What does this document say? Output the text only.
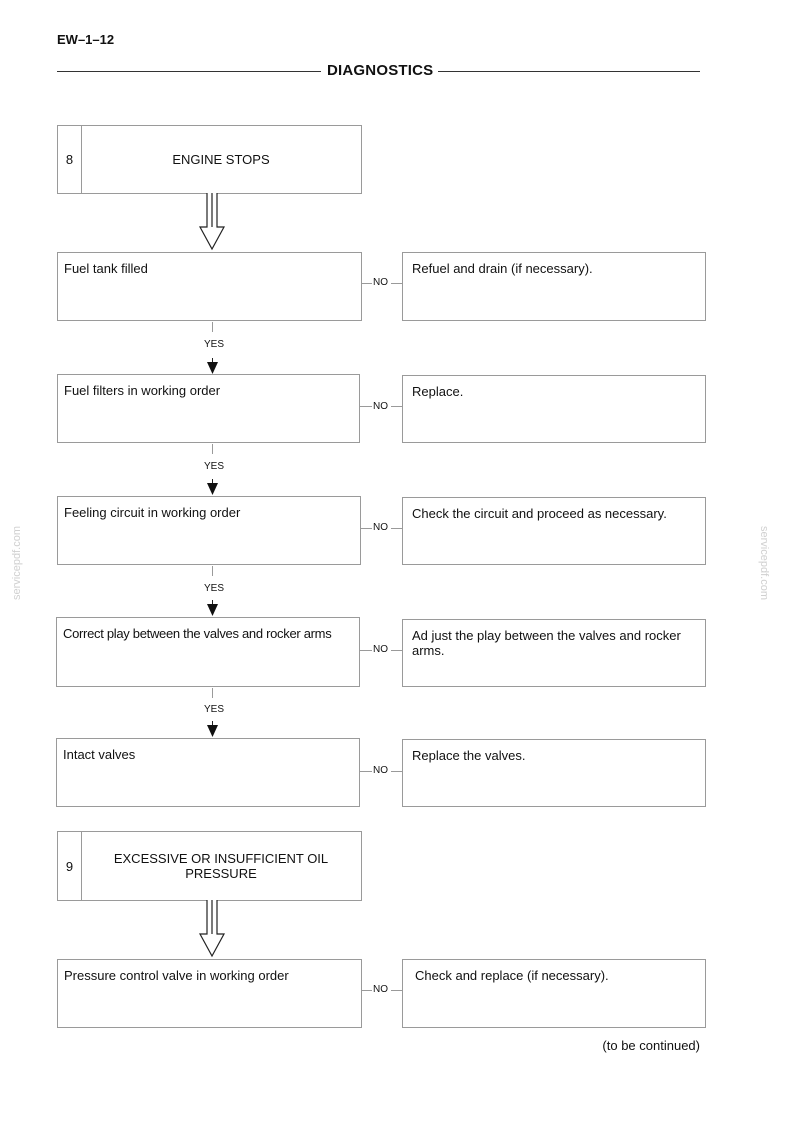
EW–1–12
DIAGNOSTICS
servicepdf.com	servicepdf.com
8	ENGINE STOPS
Fuel tank filled
NO
Refuel and drain (if necessary).
YES
Fuel filters in working order
NO
Replace.
YES
Feeling circuit in working order
NO
Check the circuit and proceed as necessary.
YES
Correct play between the valves and rocker arms
NO
Ad just the play between the valves and rocker arms.
YES
Intact valves
NO
Replace the valves.
9	EXCESSIVE OR INSUFFICIENT OIL PRESSURE
Pressure control valve in working order
NO
Check and replace (if necessary).
(to be continued)
